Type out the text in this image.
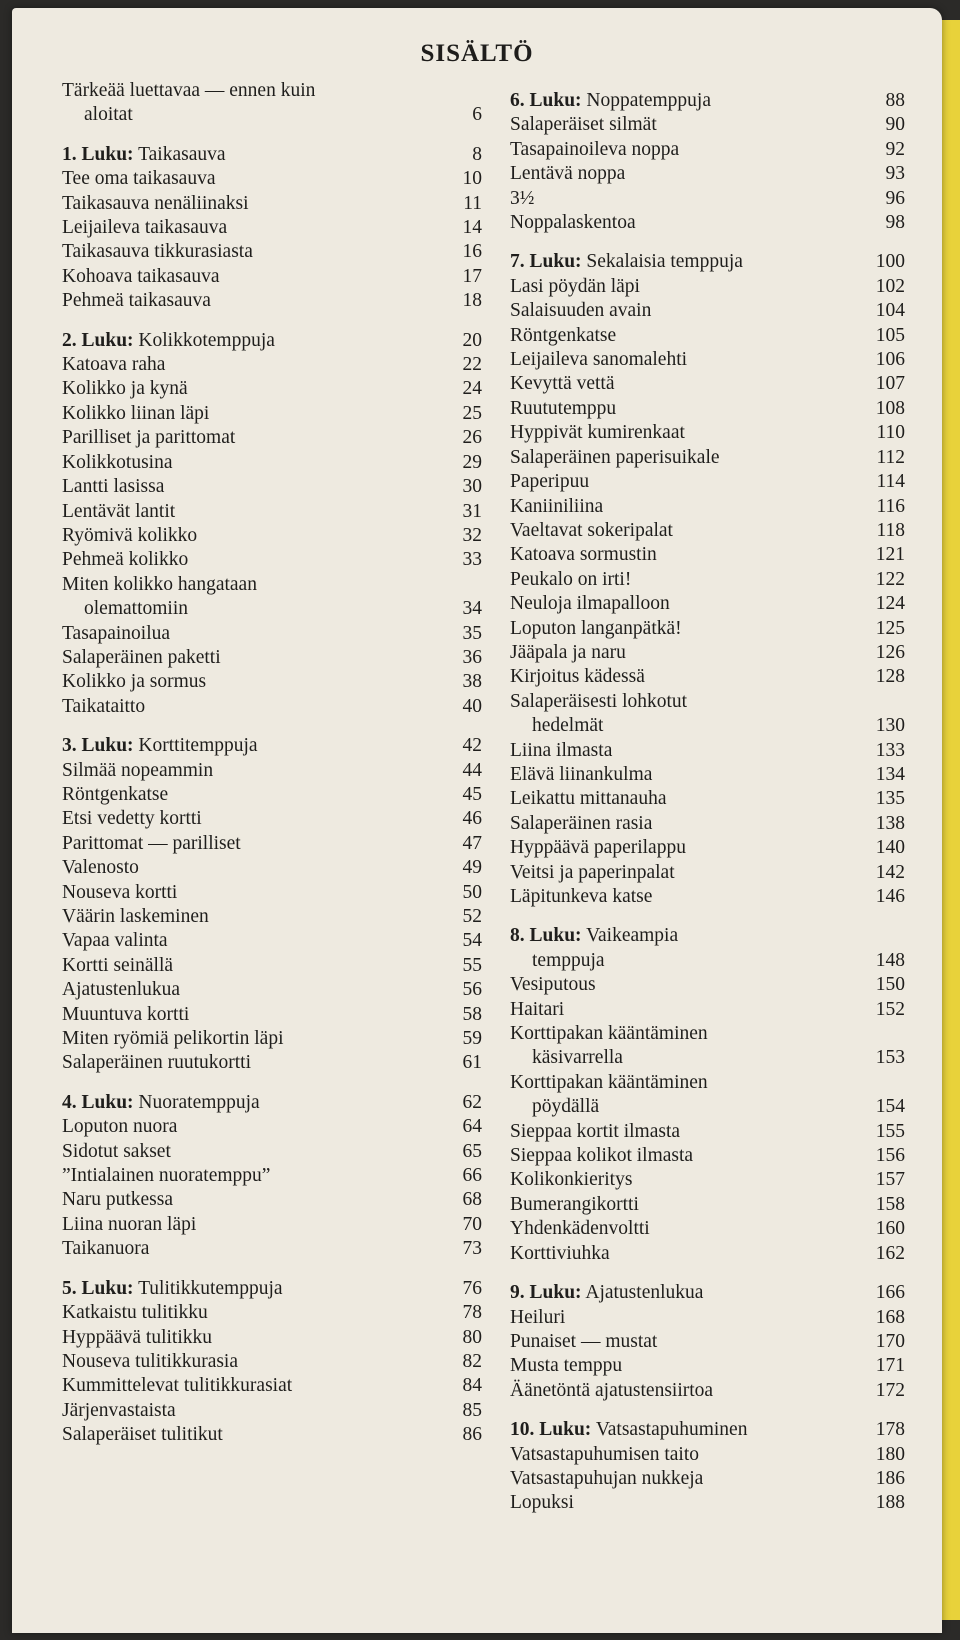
SISÄLTÖ
Tärkeää luettavaa — ennen kuin
aloitat	6
1. Luku: Taikasauva	8
Tee oma taikasauva	10
Taikasauva nenäliinaksi	11
Leijaileva taikasauva	14
Taikasauva tikkurasiasta	16
Kohoava taikasauva	17
Pehmeä taikasauva	18
2. Luku: Kolikkotemppuja	20
Katoava raha	22
Kolikko ja kynä	24
Kolikko liinan läpi	25
Parilliset ja parittomat	26
Kolikkotusina	29
Lantti lasissa	30
Lentävät lantit	31
Ryömivä kolikko	32
Pehmeä kolikko	33
Miten kolikko hangataan
olemattomiin	34
Tasapainoilua	35
Salaperäinen paketti	36
Kolikko ja sormus	38
Taikataitto	40
3. Luku: Korttitemppuja	42
Silmää nopeammin	44
Röntgenkatse	45
Etsi vedetty kortti	46
Parittomat — parilliset	47
Valenosto	49
Nouseva kortti	50
Väärin laskeminen	52
Vapaa valinta	54
Kortti seinällä	55
Ajatustenlukua	56
Muuntuva kortti	58
Miten ryömiä pelikortin läpi	59
Salaperäinen ruutukortti	61
4. Luku: Nuoratemppuja	62
Loputon nuora	64
Sidotut sakset	65
”Intialainen nuoratemppu”	66
Naru putkessa	68
Liina nuoran läpi	70
Taikanuora	73
5. Luku: Tulitikkutemppuja	76
Katkaistu tulitikku	78
Hyppäävä tulitikku	80
Nouseva tulitikkurasia	82
Kummittelevat tulitikkurasiat	84
Järjenvastaista	85
Salaperäiset tulitikut	86
6. Luku: Noppatemppuja	88
Salaperäiset silmät	90
Tasapainoileva noppa	92
Lentävä noppa	93
3½	96
Noppalaskentoa	98
7. Luku: Sekalaisia temppuja	100
Lasi pöydän läpi	102
Salaisuuden avain	104
Röntgenkatse	105
Leijaileva sanomalehti	106
Kevyttä vettä	107
Ruututemppu	108
Hyppivät kumirenkaat	110
Salaperäinen paperisuikale	112
Paperipuu	114
Kaniiniliina	116
Vaeltavat sokeripalat	118
Katoava sormustin	121
Peukalo on irti!	122
Neuloja ilmapalloon	124
Loputon langanpätkä!	125
Jääpala ja naru	126
Kirjoitus kädessä	128
Salaperäisesti lohkotut
hedelmät	130
Liina ilmasta	133
Elävä liinankulma	134
Leikattu mittanauha	135
Salaperäinen rasia	138
Hyppäävä paperilappu	140
Veitsi ja paperinpalat	142
Läpitunkeva katse	146
8. Luku: Vaikeampia
temppuja	148
Vesiputous	150
Haitari	152
Korttipakan kääntäminen
käsivarrella	153
Korttipakan kääntäminen
pöydällä	154
Sieppaa kortit ilmasta	155
Sieppaa kolikot ilmasta	156
Kolikonkieritys	157
Bumerangikortti	158
Yhdenkädenvoltti	160
Korttiviuhka	162
9. Luku: Ajatustenlukua	166
Heiluri	168
Punaiset — mustat	170
Musta temppu	171
Äänetöntä ajatustensiirtoa	172
10. Luku: Vatsastapuhuminen	178
Vatsastapuhumisen taito	180
Vatsastapuhujan nukkeja	186
Lopuksi	188
